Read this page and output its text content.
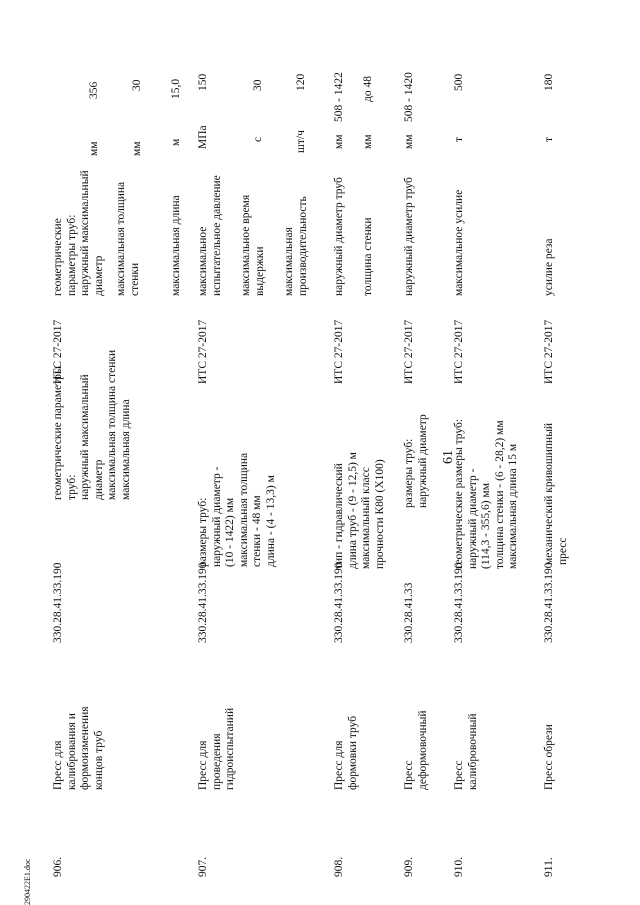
61
906.
Пресс для
калибрования и
формоизменения
концов труб
330.28.41.33.190
геометрические параметры
труб:
наружный максимальный
диаметр
максимальная толщина стенки
максимальная длина
ИТС 27-2017
геометрические
параметры труб:
наружный максимальный
диаметр
мм
356
максимальная толщина
стенки
мм
30
максимальная длина
м
15,0
907.
Пресс для
проведения
гидроиспытаний
330.28.41.33.190
размеры труб:
наружный диаметр -
(10 - 1422) мм
максимальная толщина
стенки - 48 мм
длина - (4 - 13,3) м
ИТС 27-2017
максимальное
испытательное давление
МПа
150
максимальное время
выдержки
с
30
максимальная
производительность
шт/ч
120
908.
Пресс для
формовки труб
330.28.41.33.190
тип - гидравлический
длина труб - (9 - 12,5) м
максимальный класс
прочности К80 (Х100)
ИТС 27-2017
наружный диаметр труб
мм
508 - 1422
толщина стенки
мм
до 48
909.
Пресс
деформовочный
330.28.41.33
размеры труб:
наружный диаметр
ИТС 27-2017
наружный диаметр труб
мм
508 - 1420
910.
Пресс
калибровочный
330.28.41.33.190
геометрические размеры труб:
наружный диаметр -
(114,3 - 355,6) мм
толщина стенки - (6 - 28,2) мм
максимальная длина 15 м
ИТС 27-2017
максимальное усилие
т
500
911.
Пресс обрези
330.28.41.33.190
механический кривошипный
пресс
ИТС 27-2017
усилие реза
т
180
290422E1.doc
